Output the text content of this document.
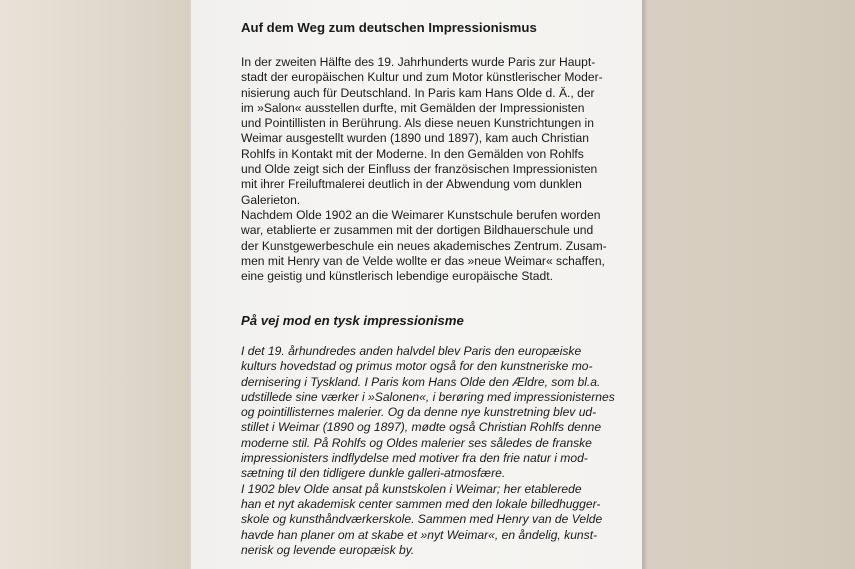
Auf dem Weg zum deutschen Impressionismus

In der zweiten Hälfte des 19. Jahrhunderts wurde Paris zur Haupt-

stadt der europäischen Kultur und zum Motor künstlerischer Moder-

nisierung auch für Deutschland. In Paris kam Hans Olde d. Ä., der

im »Salon« ausstellen durfte, mit Gemälden der Impressionisten

und Pointillisten in Berührung. Als diese neuen Kunstrichtungen in

Weimar ausgestellt wurden (1890 und 1897), kam auch Christian

Rohlfs in Kontakt mit der Moderne. In den Gemälden von Rohlfs

und Olde zeigt sich der Einfluss der französischen Impressionisten

mit ihrer Freiluftmalerei deutlich in der Abwendung vom dunklen

Galerieton.

Nachdem Olde 1902 an die Weimarer Kunstschule berufen worden

war, etablierte er zusammen mit der dortigen Bildhauerschule und

der Kunstgewerbeschule ein neues akademisches Zentrum. Zusam-

men mit Henry van de Velde wollte er das »neue Weimar« schaffen,

eine geistig und künstlerisch lebendige europäische Stadt.

På vej mod en tysk impressionisme

I det 19. århundredes anden halvdel blev Paris den europæiske

kulturs hovedstad og primus motor også for den kunstneriske mo-

dernisering i Tyskland. I Paris kom Hans Olde den Ældre, som bl.a.

udstillede sine værker i »Salonen«, i berøring med impressionisternes

og pointillisternes malerier. Og da denne nye kunstretning blev ud-

stillet i Weimar (1890 og 1897), mødte også Christian Rohlfs denne

moderne stil. På Rohlfs og Oldes malerier ses således de franske

impressionisters indflydelse med motiver fra den frie natur i mod-

sætning til den tidligere dunkle galleri-atmosfære.

I 1902 blev Olde ansat på kunstskolen i Weimar; her etablerede

han et nyt akademisk center sammen med den lokale billedhugger-

skole og kunsthåndværkerskole. Sammen med Henry van de Velde

havde han planer om at skabe et »nyt Weimar«, en åndelig, kunst-

nerisk og levende europæisk by.
